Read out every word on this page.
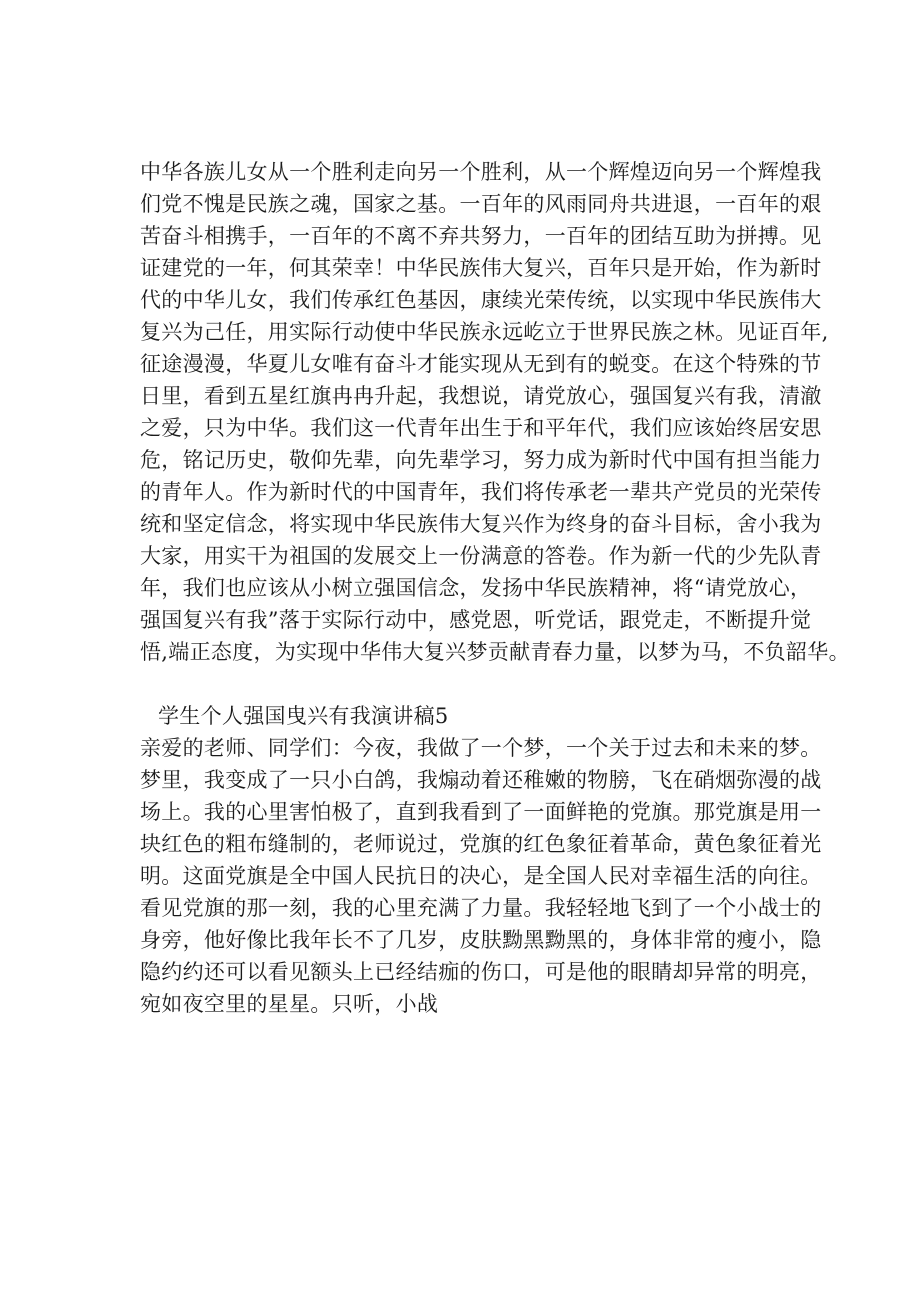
中华各族儿女从一个胜利走向另一个胜利，从一个辉煌迈向另一个辉煌我
们党不愧是民族之魂，国家之基。一百年的风雨同舟共进退，一百年的艰
苦奋斗相携手，一百年的不离不弃共努力，一百年的团结互助为拼搏。见
证建党的一年，何其荣幸！中华民族伟大复兴，百年只是开始，作为新时
代的中华儿女，我们传承红色基因，康续光荣传统，以实现中华民族伟大
复兴为己任，用实际行动使中华民族永远屹立于世界民族之林。见证百年,
征途漫漫，华夏儿女唯有奋斗才能实现从无到有的蜕变。在这个特殊的节
日里，看到五星红旗冉冉升起，我想说，请党放心，强国复兴有我，清澈
之爱，只为中华。我们这一代青年出生于和平年代，我们应该始终居安思
危，铭记历史，敬仰先辈，向先辈学习，努力成为新时代中国有担当能力
的青年人。作为新时代的中国青年，我们将传承老一辈共产党员的光荣传
统和坚定信念，将实现中华民族伟大复兴作为终身的奋斗目标，舍小我为
大家，用实干为祖国的发展交上一份满意的答卷。作为新一代的少先队青
年，我们也应该从小树立强国信念，发扬中华民族精神，将“请党放心，
强国复兴有我”落于实际行动中，感党恩，听党话，跟党走，不断提升觉
悟,端正态度，为实现中华伟大复兴梦贡献青春力量，以梦为马，不负韶华。
学生个人强国曳兴有我演讲稿5
亲爱的老师、同学们：今夜，我做了一个梦，一个关于过去和未来的梦。
梦里，我变成了一只小白鸽，我煽动着还稚嫩的物膀，飞在硝烟弥漫的战
场上。我的心里害怕极了，直到我看到了一面鲜艳的党旗。那党旗是用一
块红色的粗布缝制的，老师说过，党旗的红色象征着革命，黄色象征着光
明。这面党旗是全中国人民抗日的决心，是全国人民对幸福生活的向往。
看见党旗的那一刻，我的心里充满了力量。我轻轻地飞到了一个小战士的
身旁，他好像比我年长不了几岁，皮肤黝黑黝黑的，身体非常的瘦小，隐
隐约约还可以看见额头上已经结痂的伤口，可是他的眼睛却异常的明亮，
宛如夜空里的星星。只听，小战
